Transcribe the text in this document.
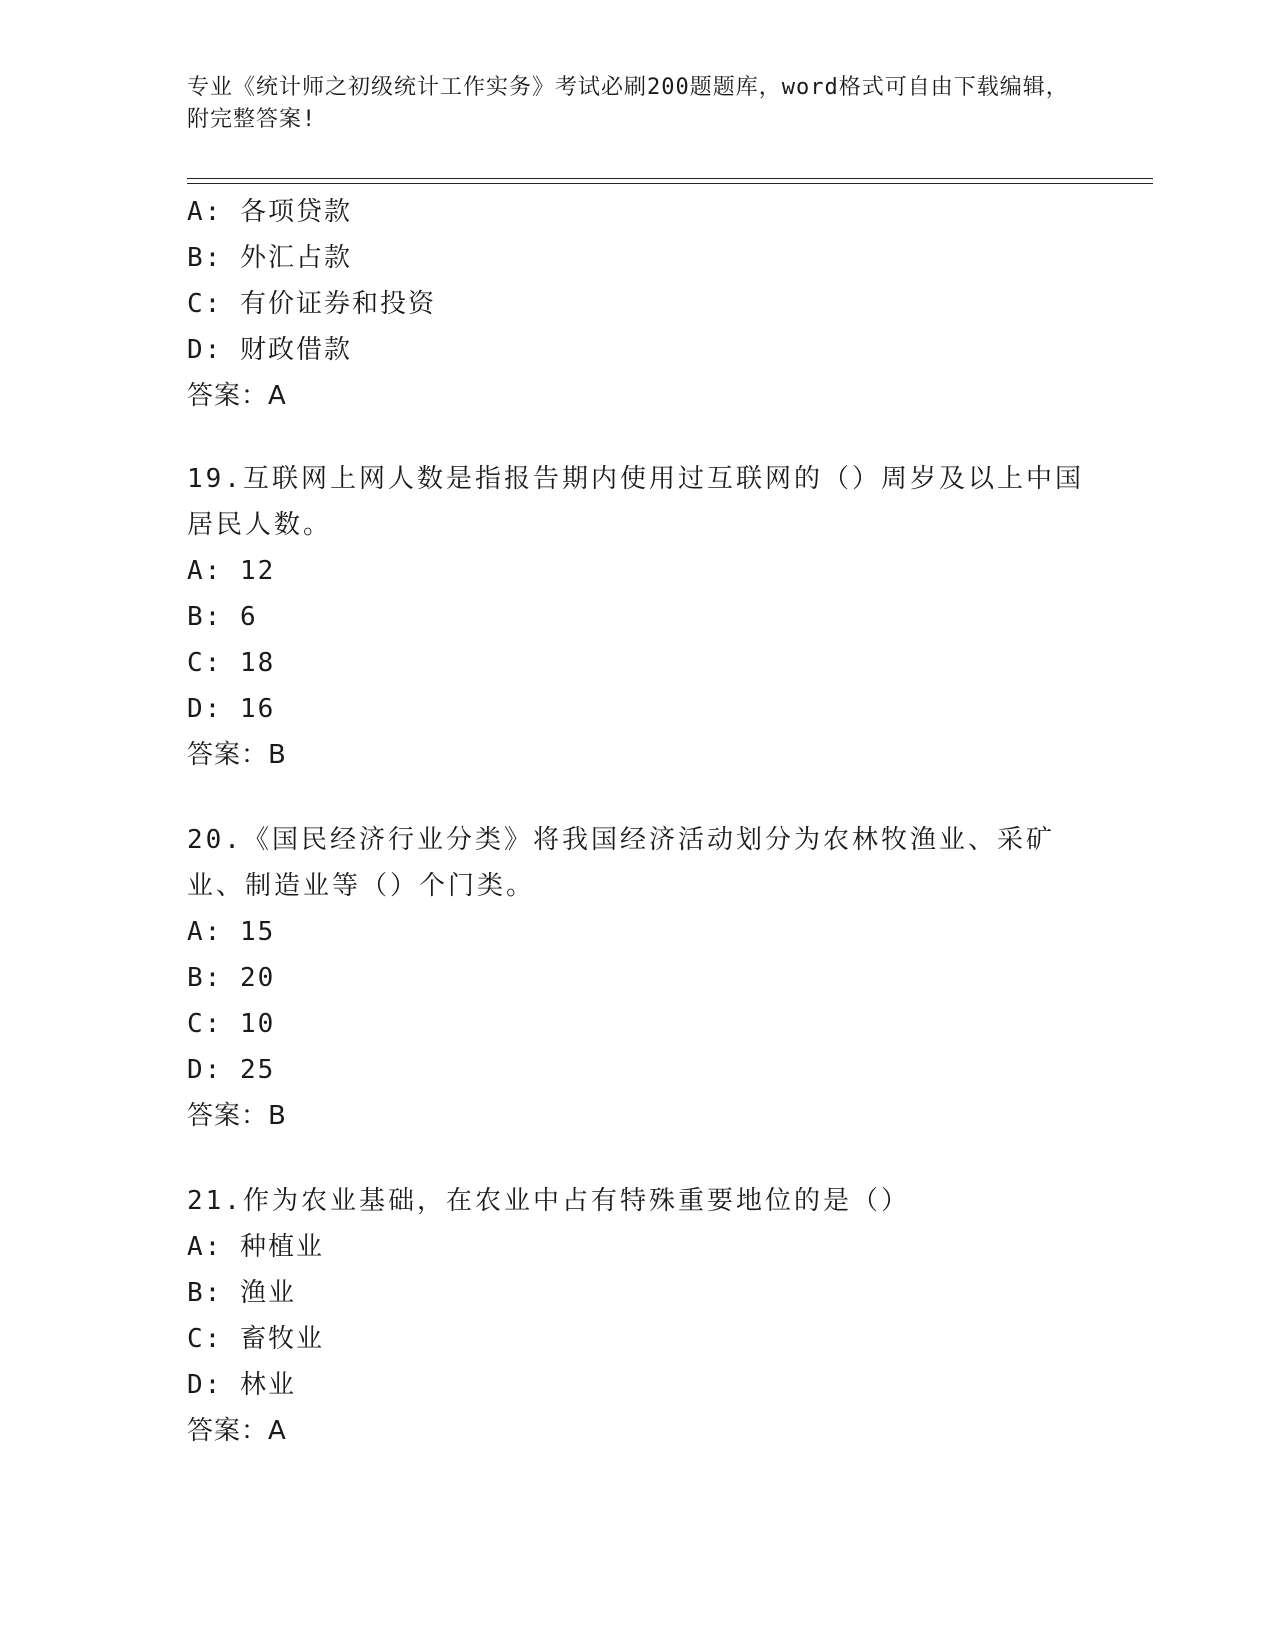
专业《统计师之初级统计工作实务》考试必刷200题题库，word格式可自由下载编辑，附完整答案!
A: 各项贷款
B: 外汇占款
C: 有价证券和投资
D: 财政借款
答案：A
19.互联网上网人数是指报告期内使用过互联网的（）周岁及以上中国居民人数。
A: 12
B: 6
C: 18
D: 16
答案：B
20.《国民经济行业分类》将我国经济活动划分为农林牧渔业、采矿业、制造业等（）个门类。
A: 15
B: 20
C: 10
D: 25
答案：B
21.作为农业基础，在农业中占有特殊重要地位的是（）
A: 种植业
B: 渔业
C: 畜牧业
D: 林业
答案：A
